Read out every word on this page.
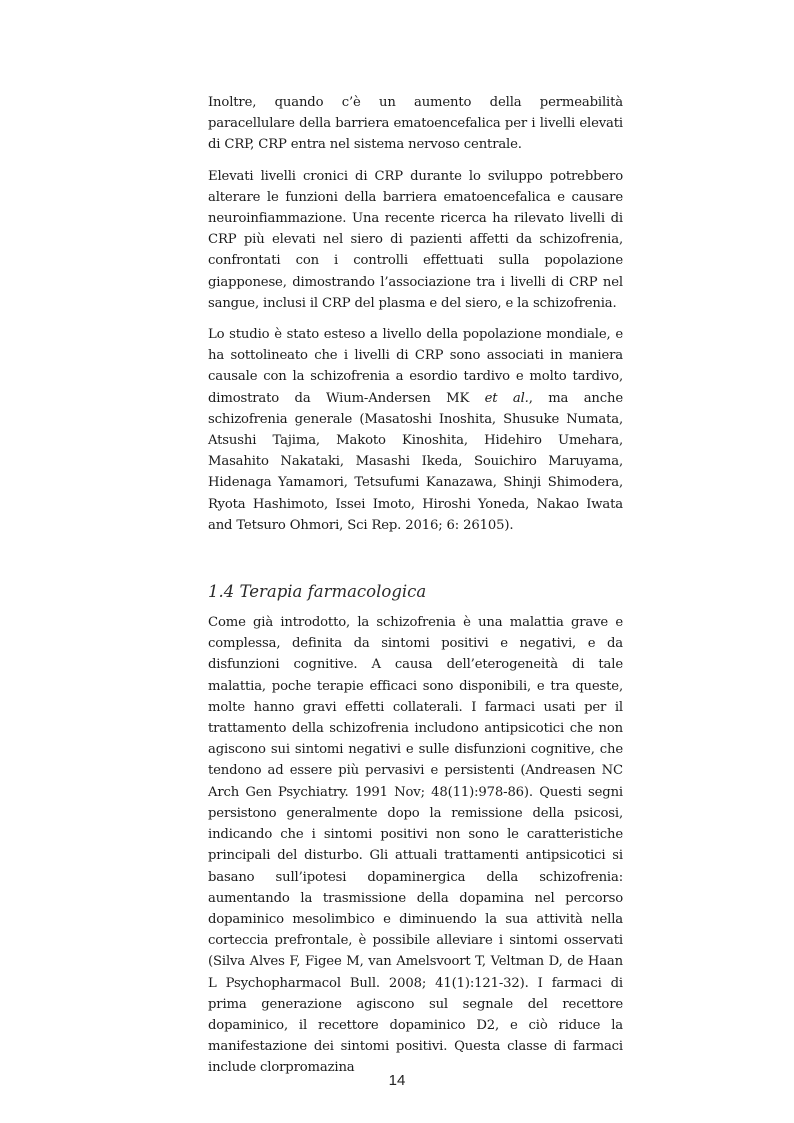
Inoltre, quando c’è un aumento della permeabilità paracellulare della barriera ematoencefalica per i livelli elevati di CRP, CRP entra nel sistema nervoso centrale.

Elevati livelli cronici di CRP durante lo sviluppo potrebbero alterare le funzioni della barriera ematoencefalica e causare neuroinfiammazione. Una recente ricerca ha rilevato livelli di CRP più elevati nel siero di pazienti affetti da schizofrenia, confrontati con i controlli effettuati sulla popolazione giapponese, dimostrando l’associazione tra i livelli di CRP nel sangue, inclusi il CRP del plasma e del siero, e la schizofrenia.

Lo studio è stato esteso a livello della popolazione mondiale, e ha sottolineato che i livelli di CRP sono associati in maniera causale con la schizofrenia a esordio tardivo e molto tardivo, dimostrato da Wium-Andersen MK et al., ma anche schizofrenia generale (Masatoshi Inoshita, Shusuke Numata, Atsushi Tajima, Makoto Kinoshita, Hidehiro Umehara, Masahito Nakataki, Masashi Ikeda, Souichiro Maruyama, Hidenaga Yamamori, Tetsufumi Kanazawa, Shinji Shimodera, Ryota Hashimoto, Issei Imoto, Hiroshi Yoneda, Nakao Iwata and Tetsuro Ohmori, Sci Rep. 2016; 6: 26105).

1.4 Terapia farmacologica

Come già introdotto, la schizofrenia è una malattia grave e complessa, definita da sintomi positivi e negativi, e da disfunzioni cognitive. A causa dell’eterogeneità di tale malattia, poche terapie efficaci sono disponibili, e tra queste, molte hanno gravi effetti collaterali. I farmaci usati per il trattamento della schizofrenia includono antipsicotici che non agiscono sui sintomi negativi e sulle disfunzioni cognitive, che tendono ad essere più pervasivi e persistenti (Andreasen NC Arch Gen Psychiatry. 1991 Nov; 48(11):978-86). Questi segni persistono generalmente dopo la remissione della psicosi, indicando che i sintomi positivi non sono le caratteristiche principali del disturbo. Gli attuali trattamenti antipsicotici si basano sull’ipotesi dopaminergica della schizofrenia: aumentando la trasmissione della dopamina nel percorso dopaminico mesolimbico e diminuendo la sua attività nella corteccia prefrontale, è possibile alleviare i sintomi osservati (Silva Alves F, Figee M, van Amelsvoort T, Veltman D, de Haan L Psychopharmacol Bull. 2008; 41(1):121-32). I farmaci di prima generazione agiscono sul segnale del recettore dopaminico, il recettore dopaminico D2, e ciò riduce la manifestazione dei sintomi positivi. Questa classe di farmaci include clorpromazina

14
